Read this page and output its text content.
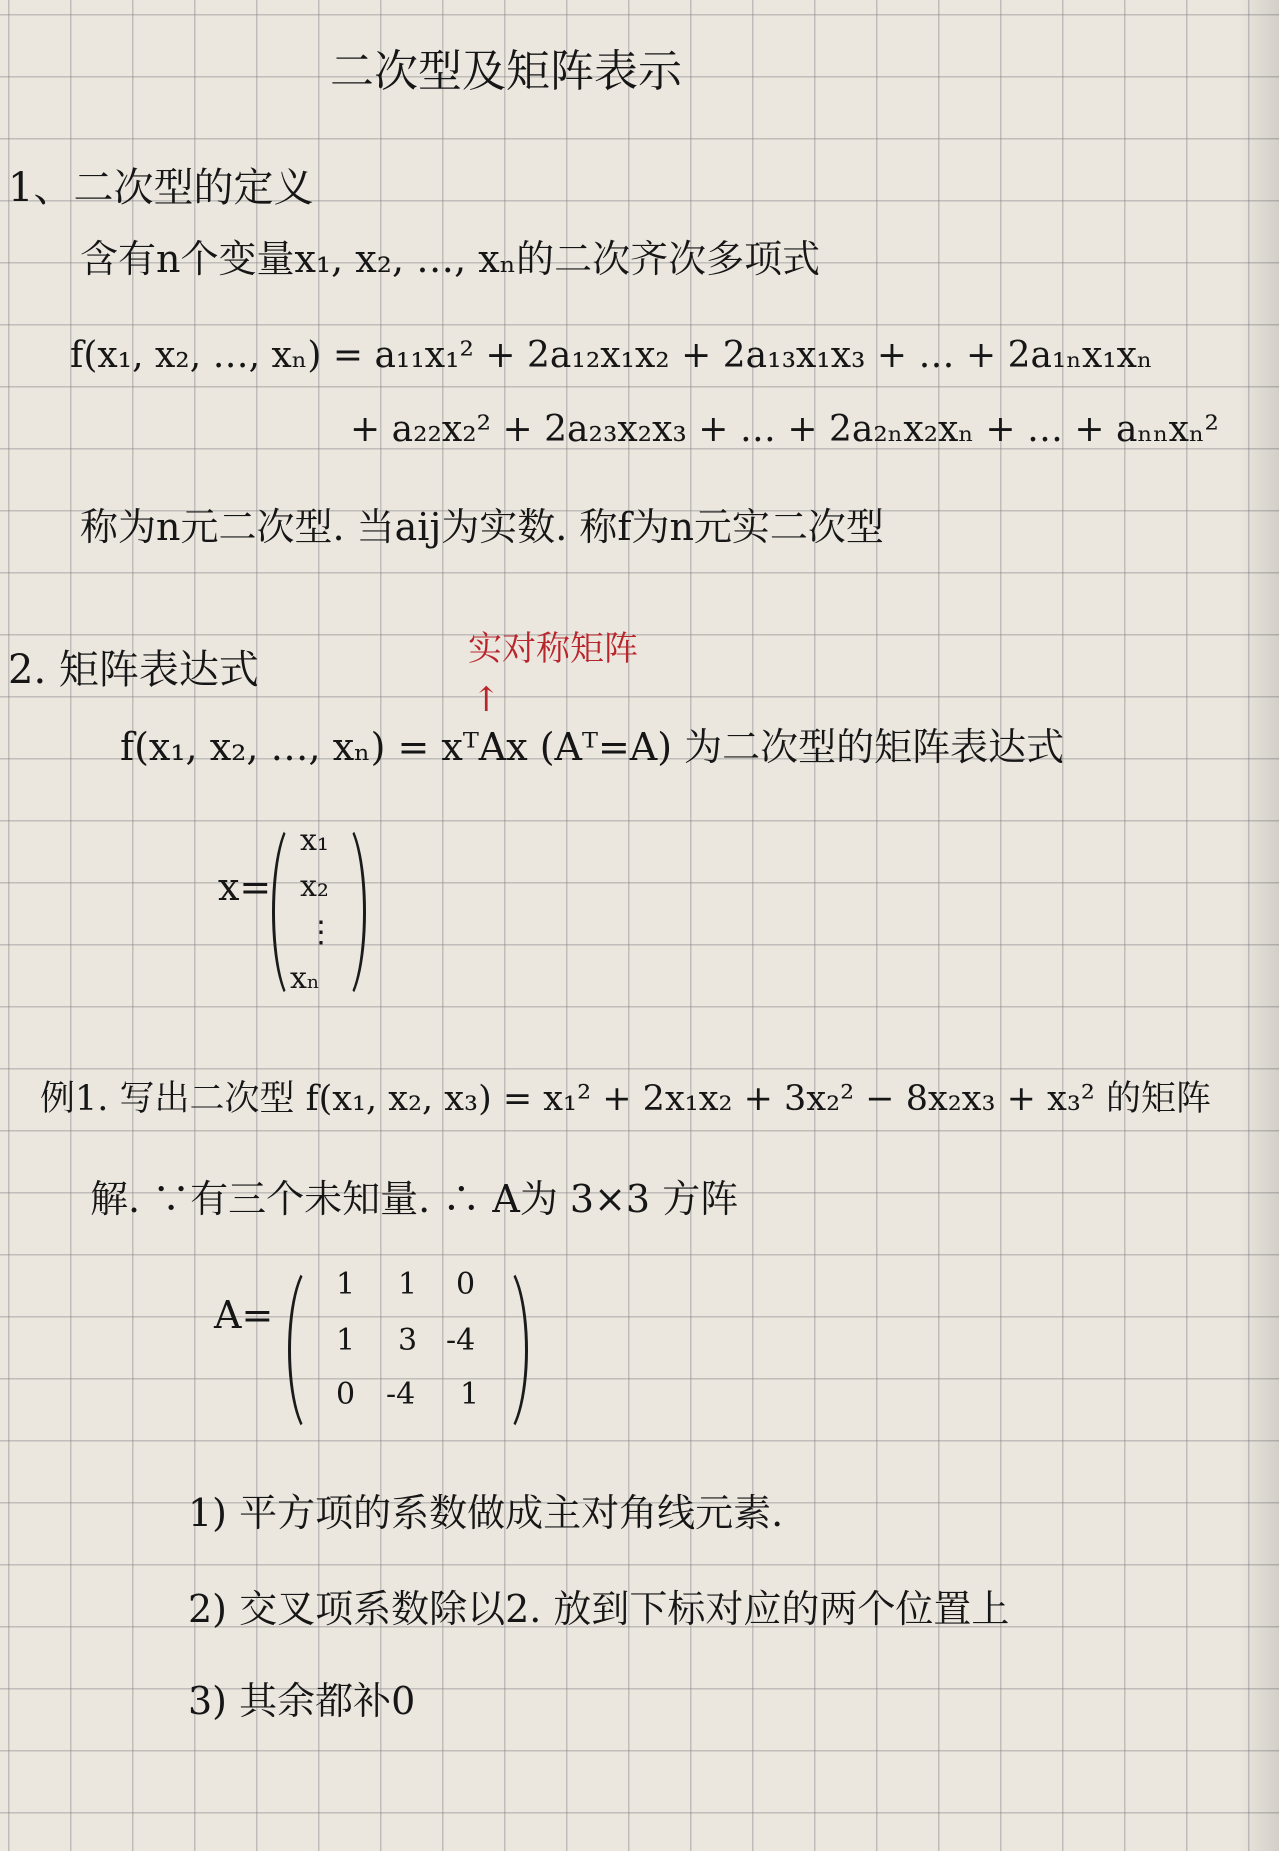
二次型及矩阵表示
1、二次型的定义
含有n个变量x₁, x₂, …, xₙ的二次齐次多项式
f(x₁, x₂, …, xₙ) = a₁₁x₁² + 2a₁₂x₁x₂ + 2a₁₃x₁x₃ + … + 2a₁ₙx₁xₙ
+ a₂₂x₂² + 2a₂₃x₂x₃ + … + 2a₂ₙx₂xₙ + … + aₙₙxₙ²
称为n元二次型. 当aij为实数. 称f为n元实二次型
2. 矩阵表达式	实对称矩阵
↑
f(x₁, x₂, …, xₙ) = xᵀAx (Aᵀ=A) 为二次型的矩阵表达式
x=
x₁
x₂
⋮
xₙ
例1. 写出二次型 f(x₁, x₂, x₃) = x₁² + 2x₁x₂ + 3x₂² − 8x₂x₃ + x₃² 的矩阵
解. ∵有三个未知量. ∴ A为 3×3 方阵
A=
1 1 0
1 3 -4
0 -4 1
1) 平方项的系数做成主对角线元素.
2) 交叉项系数除以2. 放到下标对应的两个位置上
3) 其余都补0
